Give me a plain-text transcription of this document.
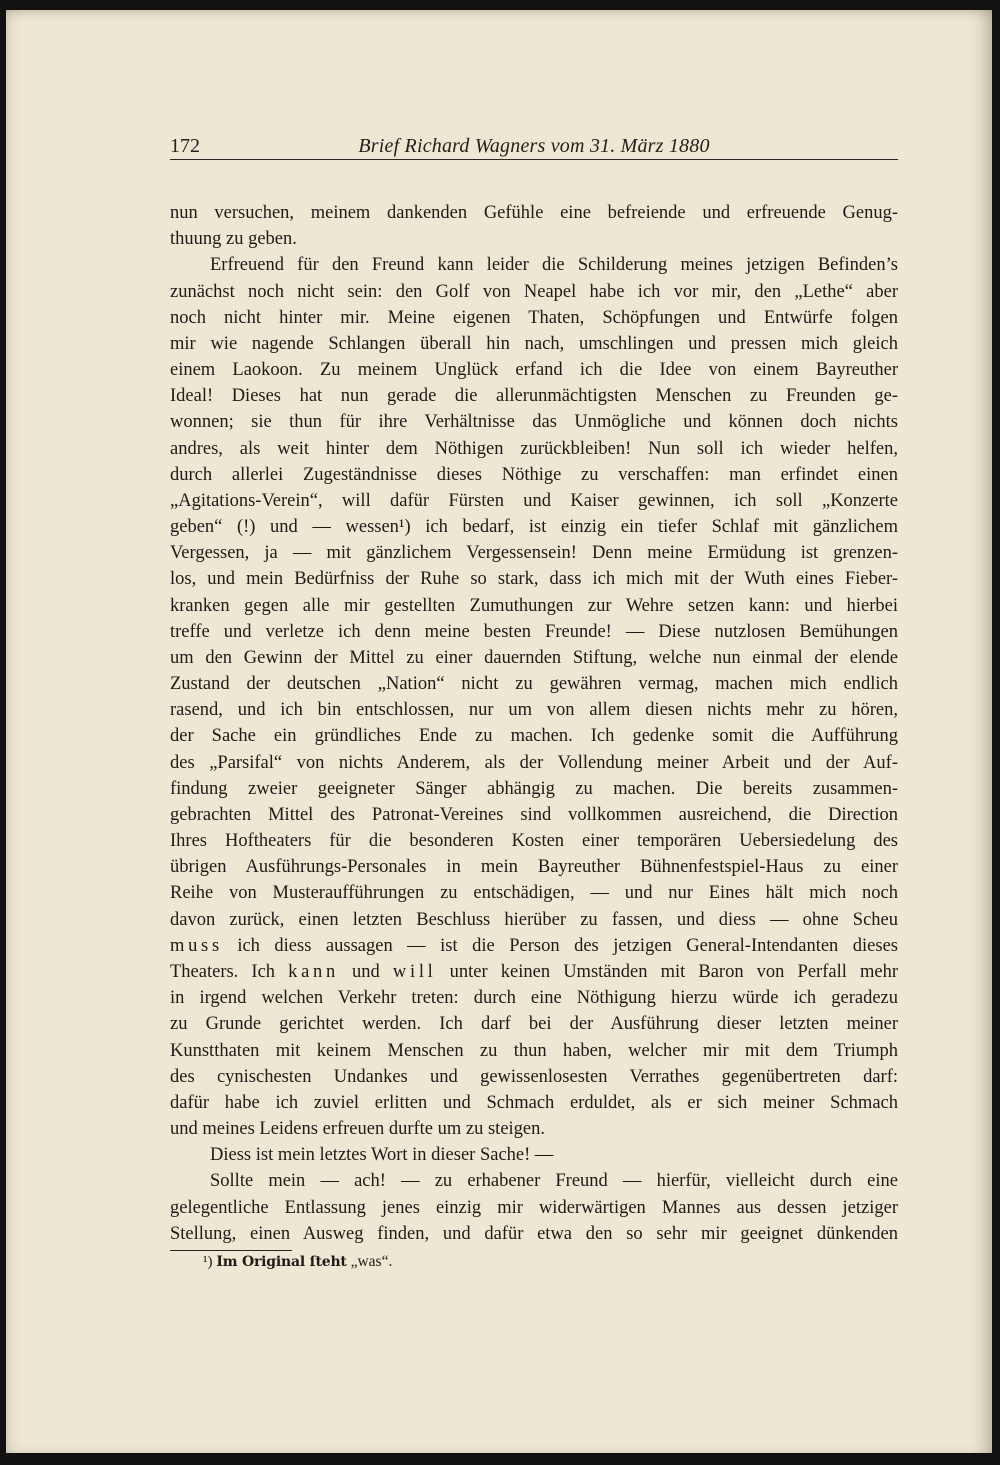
172	Brief Richard Wagners vom 31. März 1880
nun versuchen, meinem dankenden Gefühle eine befreiende und erfreuende Genug-
thuung zu geben.
Erfreuend für den Freund kann leider die Schilderung meines jetzigen Befinden’s
zunächst noch nicht sein: den Golf von Neapel habe ich vor mir, den „Lethe“ aber
noch nicht hinter mir. Meine eigenen Thaten, Schöpfungen und Entwürfe folgen
mir wie nagende Schlangen überall hin nach, umschlingen und pressen mich gleich
einem Laokoon. Zu meinem Unglück erfand ich die Idee von einem Bayreuther
Ideal! Dieses hat nun gerade die allerunmächtigsten Menschen zu Freunden ge-
wonnen; sie thun für ihre Verhältnisse das Unmögliche und können doch nichts
andres, als weit hinter dem Nöthigen zurückbleiben! Nun soll ich wieder helfen,
durch allerlei Zugeständnisse dieses Nöthige zu verschaffen: man erfindet einen
„Agitations-Verein“, will dafür Fürsten und Kaiser gewinnen, ich soll „Konzerte
geben“ (!) und — wessen¹) ich bedarf, ist einzig ein tiefer Schlaf mit gänzlichem
Vergessen, ja — mit gänzlichem Vergessensein! Denn meine Ermüdung ist grenzen-
los, und mein Bedürfniss der Ruhe so stark, dass ich mich mit der Wuth eines Fieber-
kranken gegen alle mir gestellten Zumuthungen zur Wehre setzen kann: und hierbei
treffe und verletze ich denn meine besten Freunde! — Diese nutzlosen Bemühungen
um den Gewinn der Mittel zu einer dauernden Stiftung, welche nun einmal der elende
Zustand der deutschen „Nation“ nicht zu gewähren vermag, machen mich endlich
rasend, und ich bin entschlossen, nur um von allem diesen nichts mehr zu hören,
der Sache ein gründliches Ende zu machen. Ich gedenke somit die Aufführung
des „Parsifal“ von nichts Anderem, als der Vollendung meiner Arbeit und der Auf-
findung zweier geeigneter Sänger abhängig zu machen. Die bereits zusammen-
gebrachten Mittel des Patronat-Vereines sind vollkommen ausreichend, die Direction
Ihres Hoftheaters für die besonderen Kosten einer temporären Uebersiedelung des
übrigen Ausführungs-Personales in mein Bayreuther Bühnenfestspiel-Haus zu einer
Reihe von Musteraufführungen zu entschädigen, — und nur Eines hält mich noch
davon zurück, einen letzten Beschluss hierüber zu fassen, und diess — ohne Scheu
muss ich diess aussagen — ist die Person des jetzigen General-Intendanten dieses
Theaters. Ich kann und will unter keinen Umständen mit Baron von Perfall mehr
in irgend welchen Verkehr treten: durch eine Nöthigung hierzu würde ich geradezu
zu Grunde gerichtet werden. Ich darf bei der Ausführung dieser letzten meiner
Kunstthaten mit keinem Menschen zu thun haben, welcher mir mit dem Triumph
des cynischesten Undankes und gewissenlosesten Verrathes gegenübertreten darf:
dafür habe ich zuviel erlitten und Schmach erduldet, als er sich meiner Schmach
und meines Leidens erfreuen durfte um zu steigen.
Diess ist mein letztes Wort in dieser Sache! —
Sollte mein — ach! — zu erhabener Freund — hierfür, vielleicht durch eine
gelegentliche Entlassung jenes einzig mir widerwärtigen Mannes aus dessen jetziger
Stellung, einen Ausweg finden, und dafür etwa den so sehr mir geeignet dünkenden
¹) Im Original ſteht „was“.
